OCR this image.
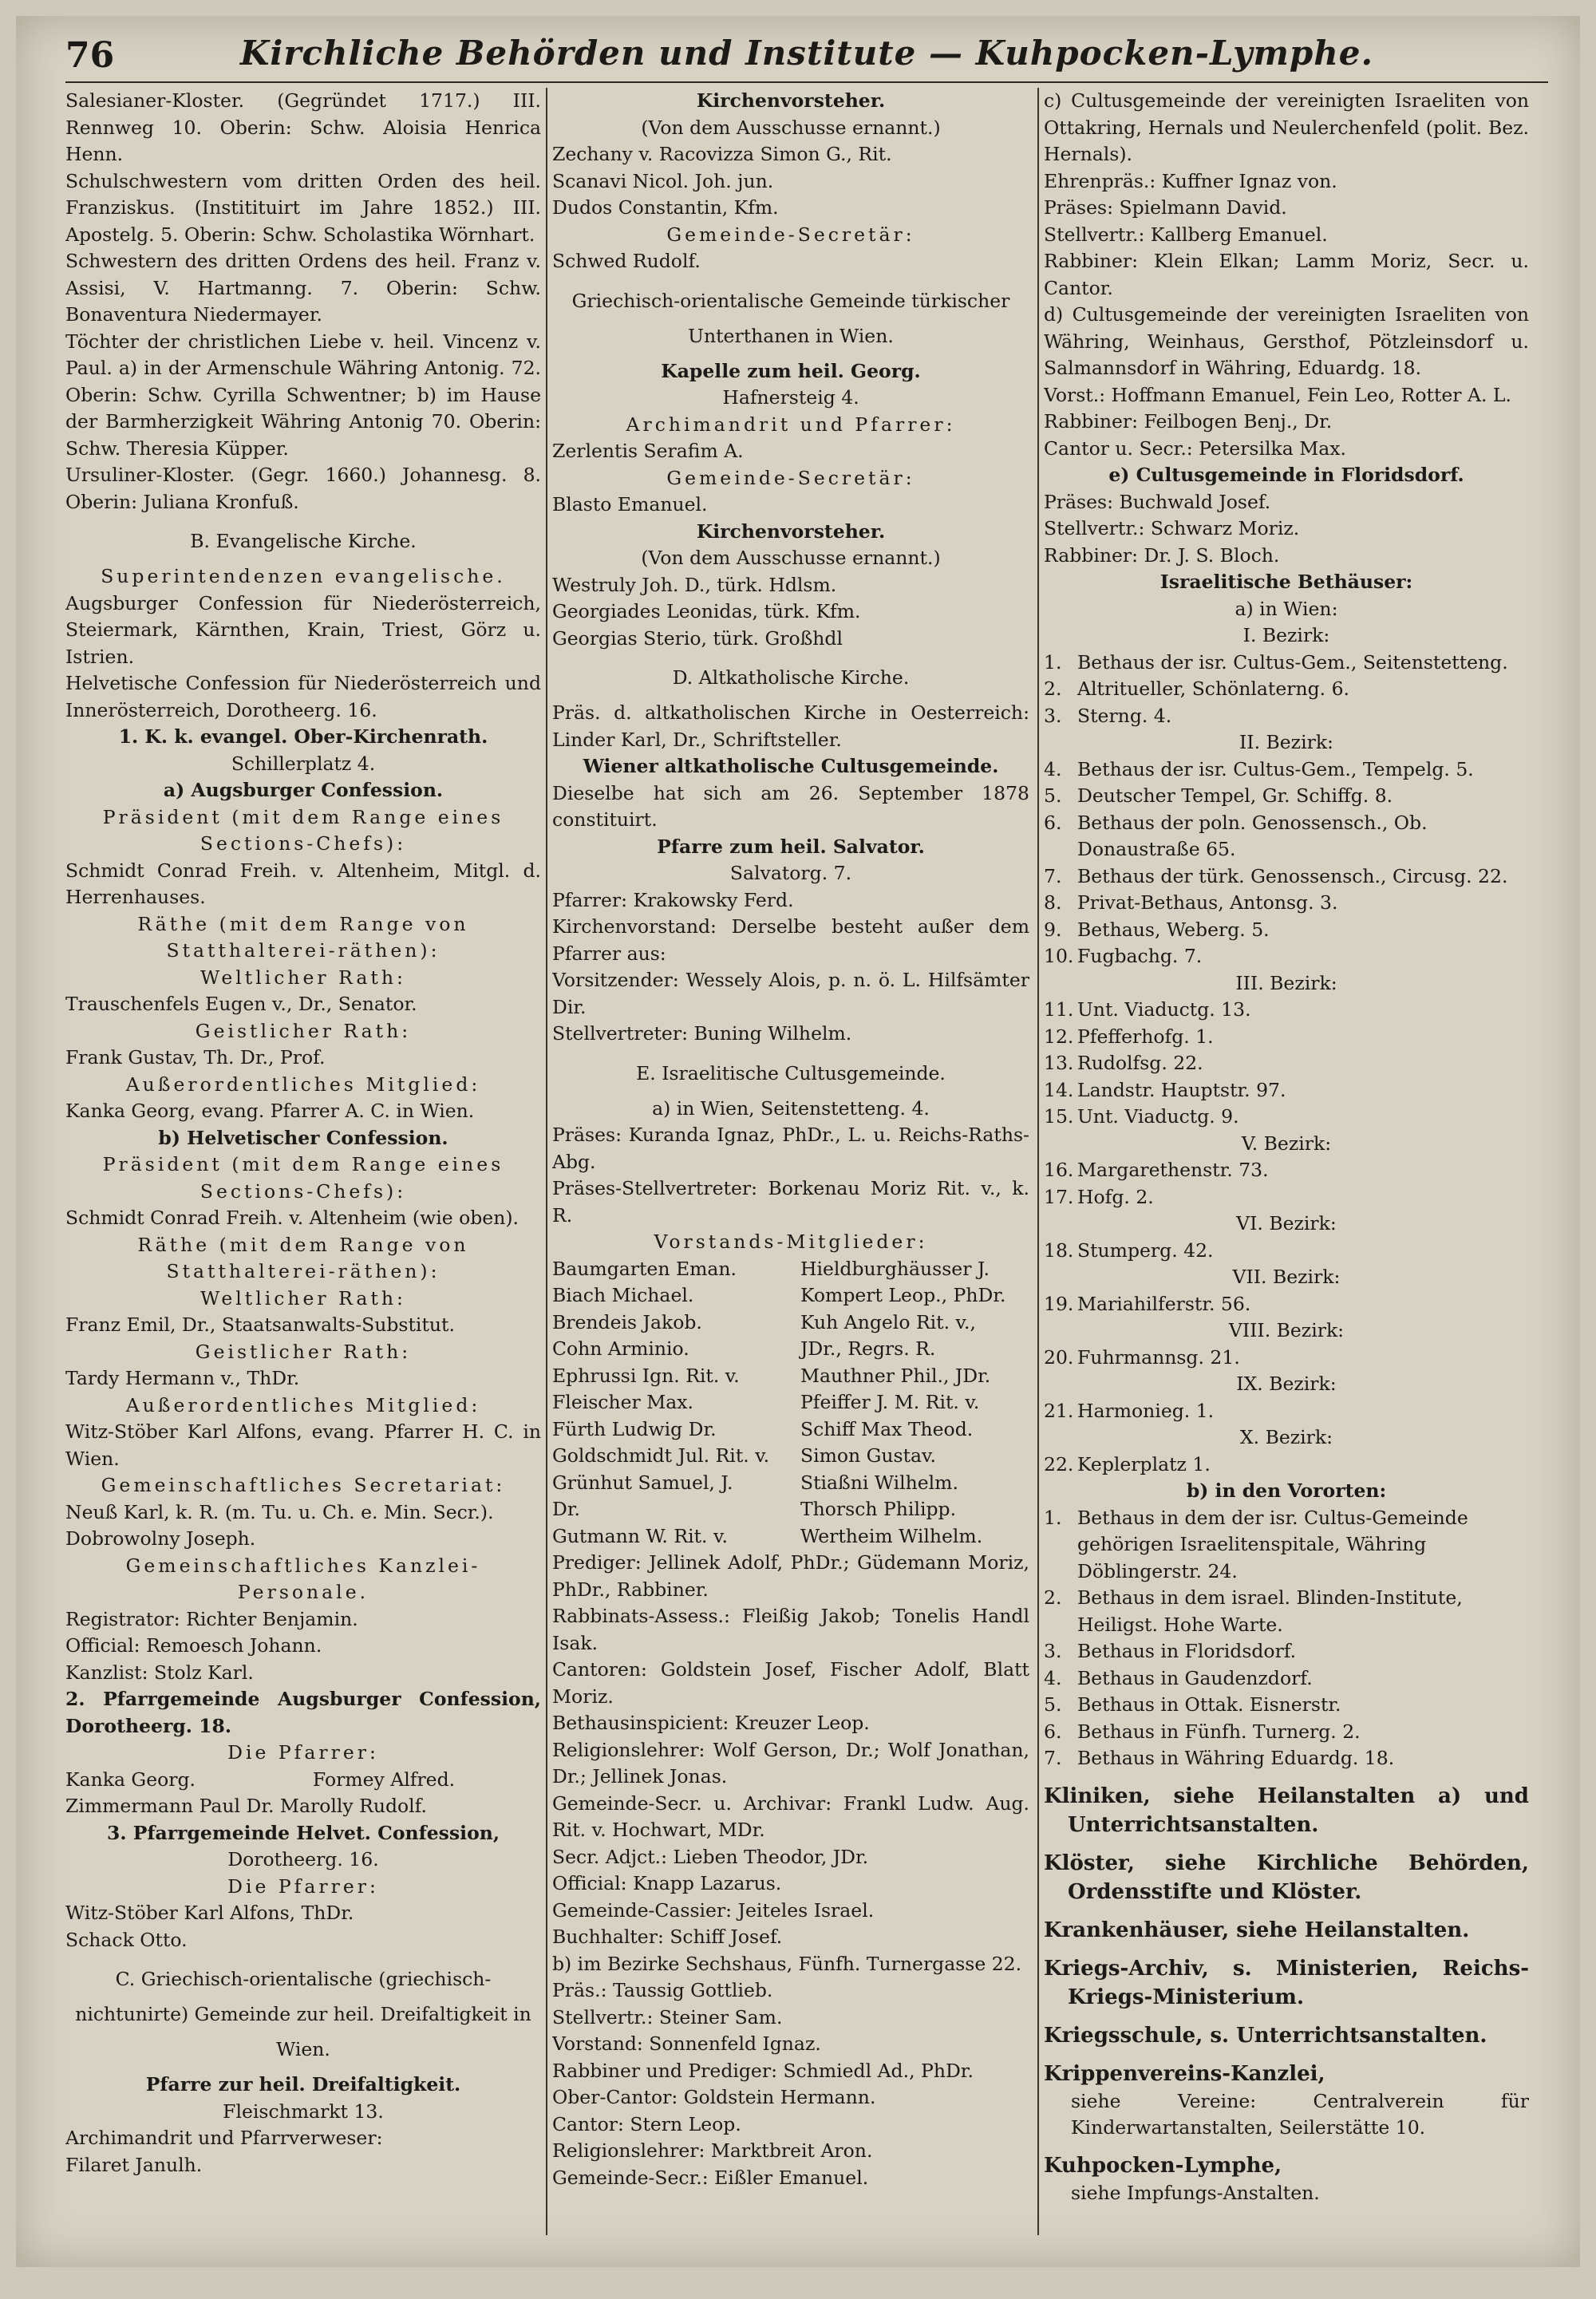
76	Kirchliche Behörden und Institute — Kuhpocken-Lymphe.

Salesianer-Kloster. (Gegründet 1717.) III. Rennweg 10. Oberin: Schw. Aloisia Henrica Henn.

Schulschwestern vom dritten Orden des heil. Franziskus. (Institituirt im Jahre 1852.) III. Apostelg. 5. Oberin: Schw. Scholastika Wörnhart.

Schwestern des dritten Ordens des heil. Franz v. Assisi, V. Hartmanng. 7. Oberin: Schw. Bonaventura Niedermayer.

Töchter der christlichen Liebe v. heil. Vincenz v. Paul. a) in der Armenschule Währing Antonig. 72. Oberin: Schw. Cyrilla Schwentner; b) im Hause der Barmherzigkeit Währing Antonig 70. Oberin: Schw. Theresia Küpper.

Ursuliner-Kloster. (Gegr. 1660.) Johannesg. 8. Oberin: Juliana Kronfuß.

B. Evangelische Kirche.

Superintendenzen evangelische.

Augsburger Confession für Niederösterreich, Steiermark, Kärnthen, Krain, Triest, Görz u. Istrien.

Helvetische Confession für Niederösterreich und Innerösterreich, Dorotheerg. 16.

1. K. k. evangel. Ober-Kirchenrath.

Schillerplatz 4.

a) Augsburger Confession.

Präsident (mit dem Range eines Sections-Chefs):

Schmidt Conrad Freih. v. Altenheim, Mitgl. d. Herrenhauses.

Räthe (mit dem Range von Statthalterei-räthen):

Weltlicher Rath:

Trauschenfels Eugen v., Dr., Senator.

Geistlicher Rath:

Frank Gustav, Th. Dr., Prof.

Außerordentliches Mitglied:

Kanka Georg, evang. Pfarrer A. C. in Wien.

b) Helvetischer Confession.

Präsident (mit dem Range eines Sections-Chefs):

Schmidt Conrad Freih. v. Altenheim (wie oben).

Räthe (mit dem Range von Statthalterei-räthen):

Weltlicher Rath:

Franz Emil, Dr., Staatsanwalts-Substitut.

Geistlicher Rath:

Tardy Hermann v., ThDr.

Außerordentliches Mitglied:

Witz-Stöber Karl Alfons, evang. Pfarrer H. C. in Wien.

Gemeinschaftliches Secretariat:

Neuß Karl, k. R. (m. Tu. u. Ch. e. Min. Secr.).

Dobrowolny Joseph.

Gemeinschaftliches Kanzlei-Personale.

Registrator: Richter Benjamin.

Official: Remoesch Johann.

Kanzlist: Stolz Karl.

2. Pfarrgemeinde Augsburger Confession, Dorotheerg. 18.

Die Pfarrer:

Kanka Georg.	Formey Alfred.

Zimmermann Paul Dr. Marolly Rudolf.

3. Pfarrgemeinde Helvet. Confession,

Dorotheerg. 16.

Die Pfarrer:

Witz-Stöber Karl Alfons, ThDr.

Schack Otto.

C. Griechisch-orientalische (griechisch-nichtunirte) Gemeinde zur heil. Dreifaltigkeit in Wien.

Pfarre zur heil. Dreifaltigkeit.

Fleischmarkt 13.

Archimandrit und Pfarrverweser:

Filaret Janulh.

Kirchenvorsteher.

(Von dem Ausschusse ernannt.)

Zechany v. Racovizza Simon G., Rit.

Scanavi Nicol. Joh. jun.

Dudos Constantin, Kfm.

Gemeinde-Secretär:

Schwed Rudolf.

Griechisch-orientalische Gemeinde türkischer Unterthanen in Wien.

Kapelle zum heil. Georg.

Hafnersteig 4.

Archimandrit und Pfarrer:

Zerlentis Serafim A.

Gemeinde-Secretär:

Blasto Emanuel.

Kirchenvorsteher.

(Von dem Ausschusse ernannt.)

Westruly Joh. D., türk. Hdlsm.

Georgiades Leonidas, türk. Kfm.

Georgias Sterio, türk. Großhdl

D. Altkatholische Kirche.

Präs. d. altkatholischen Kirche in Oesterreich: Linder Karl, Dr., Schriftsteller.

Wiener altkatholische Cultusgemeinde.

Dieselbe hat sich am 26. September 1878 constituirt.

Pfarre zum heil. Salvator.

Salvatorg. 7.

Pfarrer: Krakowsky Ferd.

Kirchenvorstand: Derselbe besteht außer dem Pfarrer aus:

Vorsitzender: Wessely Alois, p. n. ö. L. Hilfsämter Dir.

Stellvertreter: Buning Wilhelm.

E. Israelitische Cultusgemeinde.

a) in Wien, Seitenstetteng. 4.

Präses: Kuranda Ignaz, PhDr., L. u. Reichs-Raths-Abg.

Präses-Stellvertreter: Borkenau Moriz Rit. v., k. R.

Vorstands-Mitglieder:

Baumgarten Eman.	Hieldburghäusser J.

Biach Michael.	Kompert Leop., PhDr.

Brendeis Jakob.	Kuh Angelo Rit. v.,

Cohn Arminio.	JDr., Regrs. R.

Ephrussi Ign. Rit. v.	Mauthner Phil., JDr.

Fleischer Max.	Pfeiffer J. M. Rit. v.

Fürth Ludwig Dr.	Schiff Max Theod.

Goldschmidt Jul. Rit. v.	Simon Gustav.

Grünhut Samuel, J.	Stiaßni Wilhelm.

Dr.	Thorsch Philipp.

Gutmann W. Rit. v.	Wertheim Wilhelm.

Prediger: Jellinek Adolf, PhDr.; Güdemann Moriz, PhDr., Rabbiner.

Rabbinats-Assess.: Fleißig Jakob; Tonelis Handl Isak.

Cantoren: Goldstein Josef, Fischer Adolf, Blatt Moriz.

Bethausinspicient: Kreuzer Leop.

Religionslehrer: Wolf Gerson, Dr.; Wolf Jonathan, Dr.; Jellinek Jonas.

Gemeinde-Secr. u. Archivar: Frankl Ludw. Aug. Rit. v. Hochwart, MDr.

Secr. Adjct.: Lieben Theodor, JDr.

Official: Knapp Lazarus.

Gemeinde-Cassier: Jeiteles Israel.

Buchhalter: Schiff Josef.

b) im Bezirke Sechshaus, Fünfh. Turnergasse 22.

Präs.: Taussig Gottlieb.

Stellvertr.: Steiner Sam.

Vorstand: Sonnenfeld Ignaz.

Rabbiner und Prediger: Schmiedl Ad., PhDr.

Ober-Cantor: Goldstein Hermann.

Cantor: Stern Leop.

Religionslehrer: Marktbreit Aron.

Gemeinde-Secr.: Eißler Emanuel.

c) Cultusgemeinde der vereinigten Israeliten von Ottakring, Hernals und Neulerchenfeld (polit. Bez. Hernals).

Ehrenpräs.: Kuffner Ignaz von.

Präses: Spielmann David.

Stellvertr.: Kallberg Emanuel.

Rabbiner: Klein Elkan; Lamm Moriz, Secr. u. Cantor.

d) Cultusgemeinde der vereinigten Israeliten von Währing, Weinhaus, Gersthof, Pötzleinsdorf u. Salmannsdorf in Währing, Eduardg. 18.

Vorst.: Hoffmann Emanuel, Fein Leo, Rotter A. L.

Rabbiner: Feilbogen Benj., Dr.

Cantor u. Secr.: Petersilka Max.

e) Cultusgemeinde in Floridsdorf.

Präses: Buchwald Josef.

Stellvertr.: Schwarz Moriz.

Rabbiner: Dr. J. S. Bloch.

Israelitische Bethäuser:

a) in Wien:

I. Bezirk:

1. Bethaus der isr. Cultus-Gem., Seitenstetteng.

2. Altritueller, Schönlaterng. 6.

3. Sterng. 4.

II. Bezirk:

4. Bethaus der isr. Cultus-Gem., Tempelg. 5.

5. Deutscher Tempel, Gr. Schiffg. 8.

6. Bethaus der poln. Genossensch., Ob. Donaustraße 65.

7. Bethaus der türk. Genossensch., Circusg. 22.

8. Privat-Bethaus, Antonsg. 3.

9. Bethaus, Weberg. 5.

10. Fugbachg. 7.

III. Bezirk:

11. Unt. Viaductg. 13.

12. Pfefferhofg. 1.

13. Rudolfsg. 22.

14. Landstr. Hauptstr. 97.

15. Unt. Viaductg. 9.

V. Bezirk:

16. Margarethenstr. 73.

17. Hofg. 2.

VI. Bezirk:

18. Stumperg. 42.

VII. Bezirk:

19. Mariahilferstr. 56.

VIII. Bezirk:

20. Fuhrmannsg. 21.

IX. Bezirk:

21. Harmonieg. 1.

X. Bezirk:

22. Keplerplatz 1.

b) in den Vororten:

1. Bethaus in dem der isr. Cultus-Gemeinde gehörigen Israelitenspitale, Währing Döblingerstr. 24.

2. Bethaus in dem israel. Blinden-Institute, Heiligst. Hohe Warte.

3. Bethaus in Floridsdorf.

4. Bethaus in Gaudenzdorf.

5. Bethaus in Ottak. Eisnerstr.

6. Bethaus in Fünfh. Turnerg. 2.

7. Bethaus in Währing Eduardg. 18.

Kliniken, siehe Heilanstalten a) und Unterrichtsanstalten.

Klöster, siehe Kirchliche Behörden, Ordensstifte und Klöster.

Krankenhäuser, siehe Heilanstalten.

Kriegs-Archiv, s. Ministerien, Reichs-Kriegs-Ministerium.

Kriegsschule, s. Unterrichtsanstalten.

Krippenvereins-Kanzlei,

siehe Vereine: Centralverein für Kinderwartanstalten, Seilerstätte 10.

Kuhpocken-Lymphe,

siehe Impfungs-Anstalten.
